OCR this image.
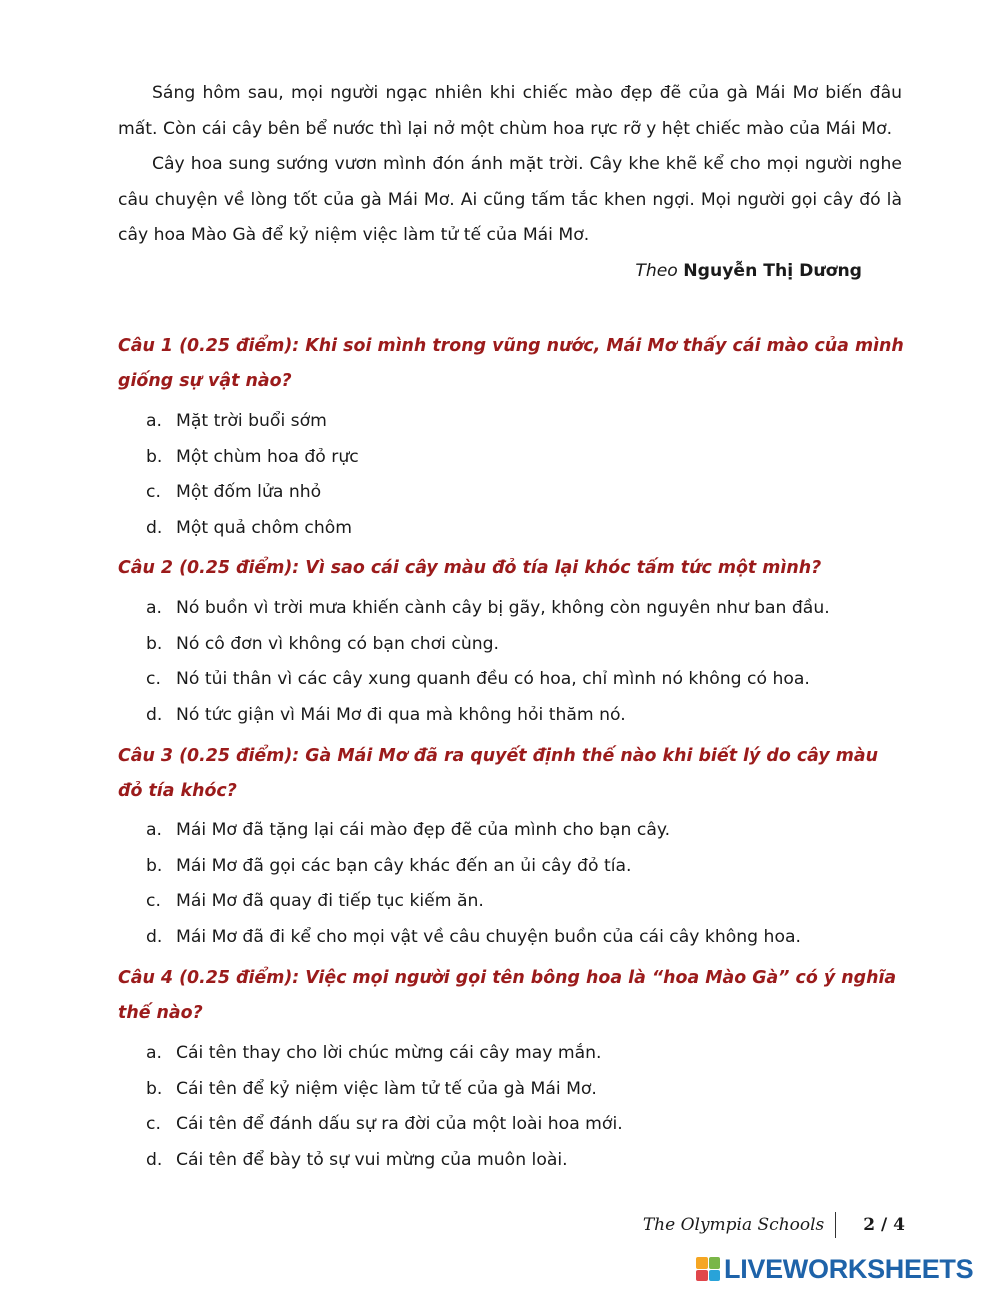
Sáng hôm sau, mọi người ngạc nhiên khi chiếc mào đẹp đẽ của gà Mái Mơ biến đâu mất. Còn cái cây bên bể nước thì lại nở một chùm hoa rực rỡ y hệt chiếc mào của Mái Mơ.

Cây hoa sung sướng vươn mình đón ánh mặt trời. Cây khe khẽ kể cho mọi người nghe câu chuyện về lòng tốt của gà Mái Mơ. Ai cũng tấm tắc khen ngợi. Mọi người gọi cây đó là cây hoa Mào Gà để kỷ niệm việc làm tử tế của Mái Mơ.

Theo Nguyễn Thị Dương

Câu 1 (0.25 điểm): Khi soi mình trong vũng nước, Mái Mơ thấy cái mào của mình giống sự vật nào?

a. Mặt trời buổi sớm
b. Một chùm hoa đỏ rực
c. Một đốm lửa nhỏ
d. Một quả chôm chôm

Câu 2 (0.25 điểm): Vì sao cái cây màu đỏ tía lại khóc tấm tức một mình?

a. Nó buồn vì trời mưa khiến cành cây bị gãy, không còn nguyên như ban đầu.
b. Nó cô đơn vì không có bạn chơi cùng.
c. Nó tủi thân vì các cây xung quanh đều có hoa, chỉ mình nó không có hoa.
d. Nó tức giận vì Mái Mơ đi qua mà không hỏi thăm nó.

Câu 3 (0.25 điểm): Gà Mái Mơ đã ra quyết định thế nào khi biết lý do cây màu đỏ tía khóc?

a. Mái Mơ đã tặng lại cái mào đẹp đẽ của mình cho bạn cây.
b. Mái Mơ đã gọi các bạn cây khác đến an ủi cây đỏ tía.
c. Mái Mơ đã quay đi tiếp tục kiếm ăn.
d. Mái Mơ đã đi kể cho mọi vật về câu chuyện buồn của cái cây không hoa.

Câu 4 (0.25 điểm): Việc mọi người gọi tên bông hoa là “hoa Mào Gà” có ý nghĩa thế nào?

a. Cái tên thay cho lời chúc mừng cái cây may mắn.
b. Cái tên để kỷ niệm việc làm tử tế của gà Mái Mơ.
c. Cái tên để đánh dấu sự ra đời của một loài hoa mới.
d. Cái tên để bày tỏ sự vui mừng của muôn loài.
The Olympia Schools	2 / 4
LIVEWORKSHEETS
